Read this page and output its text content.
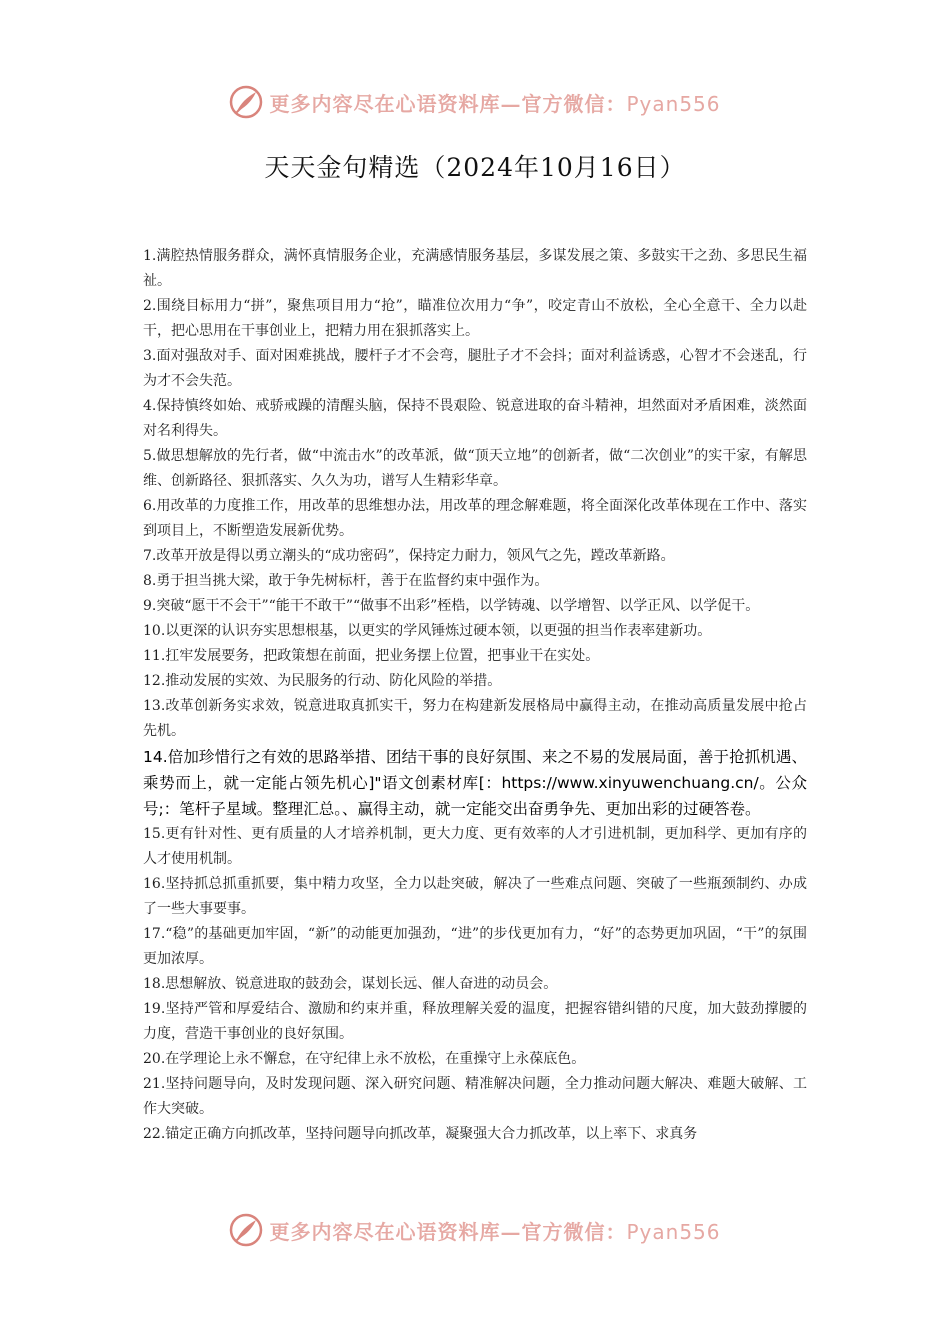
更多内容尽在心语资料库—官方微信：Pyan556
天天金句精选（2024年10月16日）

1.满腔热情服务群众，满怀真情服务企业，充满感情服务基层，多谋发展之策、多鼓实干之劲、多思民生福祉。

2.围绕目标用力“拼”，聚焦项目用力“抢”，瞄准位次用力“争”，咬定青山不放松，全心全意干、全力以赴干，把心思用在干事创业上，把精力用在狠抓落实上。

3.面对强敌对手、面对困难挑战，腰杆子才不会弯，腿肚子才不会抖；面对利益诱惑，心智才不会迷乱，行为才不会失范。

4.保持慎终如始、戒骄戒躁的清醒头脑，保持不畏艰险、锐意进取的奋斗精神，坦然面对矛盾困难，淡然面对名利得失。

5.做思想解放的先行者，做“中流击水”的改革派，做“顶天立地”的创新者，做“二次创业”的实干家，有解思维、创新路径、狠抓落实、久久为功，谱写人生精彩华章。

6.用改革的力度推工作，用改革的思维想办法，用改革的理念解难题，将全面深化改革体现在工作中、落实到项目上，不断塑造发展新优势。

7.改革开放是得以勇立潮头的“成功密码”，保持定力耐力，领风气之先，蹚改革新路。

8.勇于担当挑大梁，敢于争先树标杆，善于在监督约束中强作为。

9.突破“愿干不会干”“能干不敢干”“做事不出彩”桎梏，以学铸魂、以学增智、以学正风、以学促干。

10.以更深的认识夯实思想根基，以更实的学风锤炼过硬本领，以更强的担当作表率建新功。

11.扛牢发展要务，把政策想在前面，把业务摆上位置，把事业干在实处。

12.推动发展的实效、为民服务的行动、防化风险的举措。

13.改革创新务实求效，锐意进取真抓实干，努力在构建新发展格局中赢得主动，在推动高质量发展中抢占先机。

14.倍加珍惜行之有效的思路举措、团结干事的良好氛围、来之不易的发展局面，善于抢抓机遇、乘势而上，就一定能占领先机心]"语文创素材库[：https://www.xinyuwenchuang.cn/。公众号;：笔杆子星域。整理汇总。、赢得主动，就一定能交出奋勇争先、更加出彩的过硬答卷。

15.更有针对性、更有质量的人才培养机制，更大力度、更有效率的人才引进机制，更加科学、更加有序的人才使用机制。

16.坚持抓总抓重抓要，集中精力攻坚，全力以赴突破，解决了一些难点问题、突破了一些瓶颈制约、办成了一些大事要事。

17.“稳”的基础更加牢固，“新”的动能更加强劲，“进”的步伐更加有力，“好”的态势更加巩固，“干”的氛围更加浓厚。

18.思想解放、锐意进取的鼓劲会，谋划长远、催人奋进的动员会。

19.坚持严管和厚爱结合、激励和约束并重，释放理解关爱的温度，把握容错纠错的尺度，加大鼓劲撑腰的力度，营造干事创业的良好氛围。

20.在学理论上永不懈怠，在守纪律上永不放松，在重操守上永葆底色。

21.坚持问题导向，及时发现问题、深入研究问题、精准解决问题，全力推动问题大解决、难题大破解、工作大突破。

22.锚定正确方向抓改革，坚持问题导向抓改革，凝聚强大合力抓改革，以上率下、求真务

更多内容尽在心语资料库—官方微信：Pyan556
